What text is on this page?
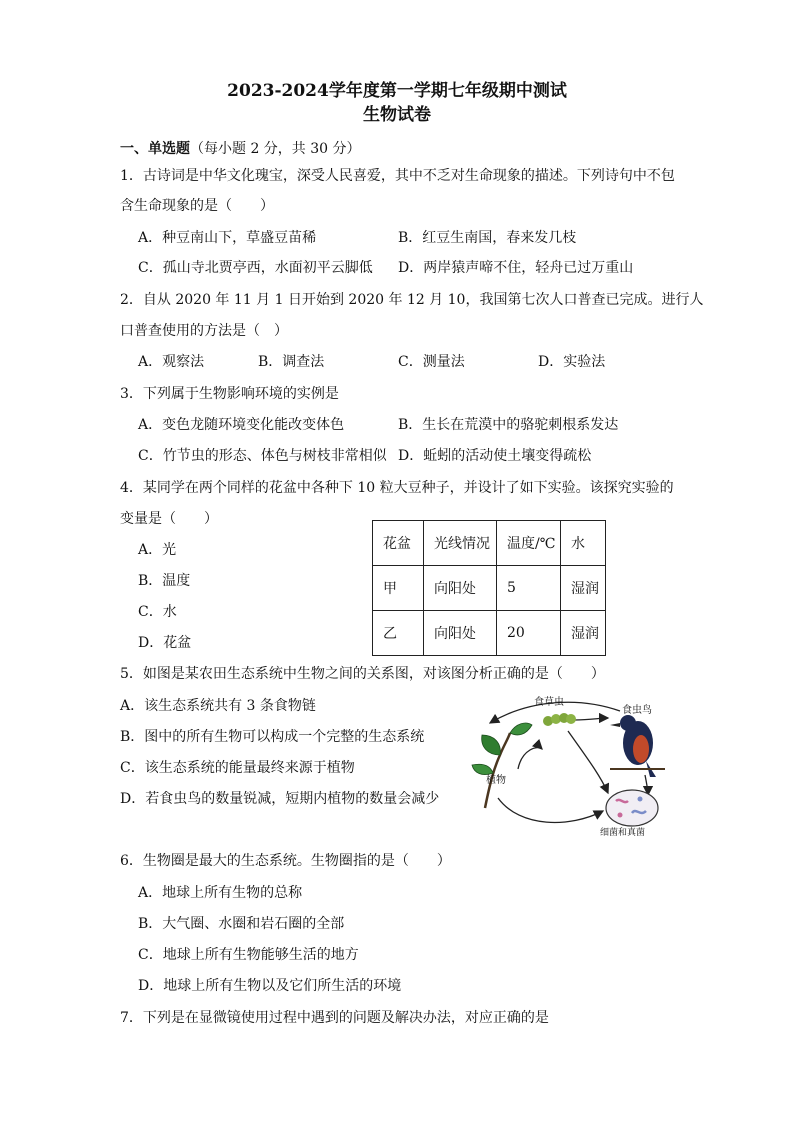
2023-2024学年度第一学期七年级期中测试
生物试卷
一、单选题（每小题 2 分，共 30 分）
1．古诗词是中华文化瑰宝，深受人民喜爱，其中不乏对生命现象的描述。下列诗句中不包
含生命现象的是（　　）
A．种豆南山下，草盛豆苗稀	B．红豆生南国，春来发几枝
C．孤山寺北贾亭西，水面初平云脚低 D．两岸猿声啼不住，轻舟已过万重山
2．自从 2020 年 11 月 1 日开始到 2020 年 12 月 10，我国第七次人口普查已完成。进行人
口普查使用的方法是（　）
A．观察法	B．调查法	C．测量法	D．实验法
3．下列属于生物影响环境的实例是
A．变色龙随环境变化能改变体色	B．生长在荒漠中的骆驼刺根系发达
C．竹节虫的形态、体色与树枝非常相似 D．蚯蚓的活动使土壤变得疏松
4．某同学在两个同样的花盆中各种下 10 粒大豆种子，并设计了如下实验。该探究实验的
变量是（　　）
A．光
B．温度
C．水
D．花盆
花盆	光线情况	温度/℃	水
甲	向阳处	5	湿润
乙	向阳处	20	湿润
5．如图是某农田生态系统中生物之间的关系图，对该图分析正确的是（　　）
A．该生态系统共有 3 条食物链
B．图中的所有生物可以构成一个完整的生态系统
C．该生态系统的能量最终来源于植物
D．若食虫鸟的数量锐减，短期内植物的数量会减少
食草虫
食虫鸟
植物
细菌和真菌
6．生物圈是最大的生态系统。生物圈指的是（　　）
A．地球上所有生物的总称
B．大气圈、水圈和岩石圈的全部
C．地球上所有生物能够生活的地方
D．地球上所有生物以及它们所生活的环境
7．下列是在显微镜使用过程中遇到的问题及解决办法，对应正确的是
